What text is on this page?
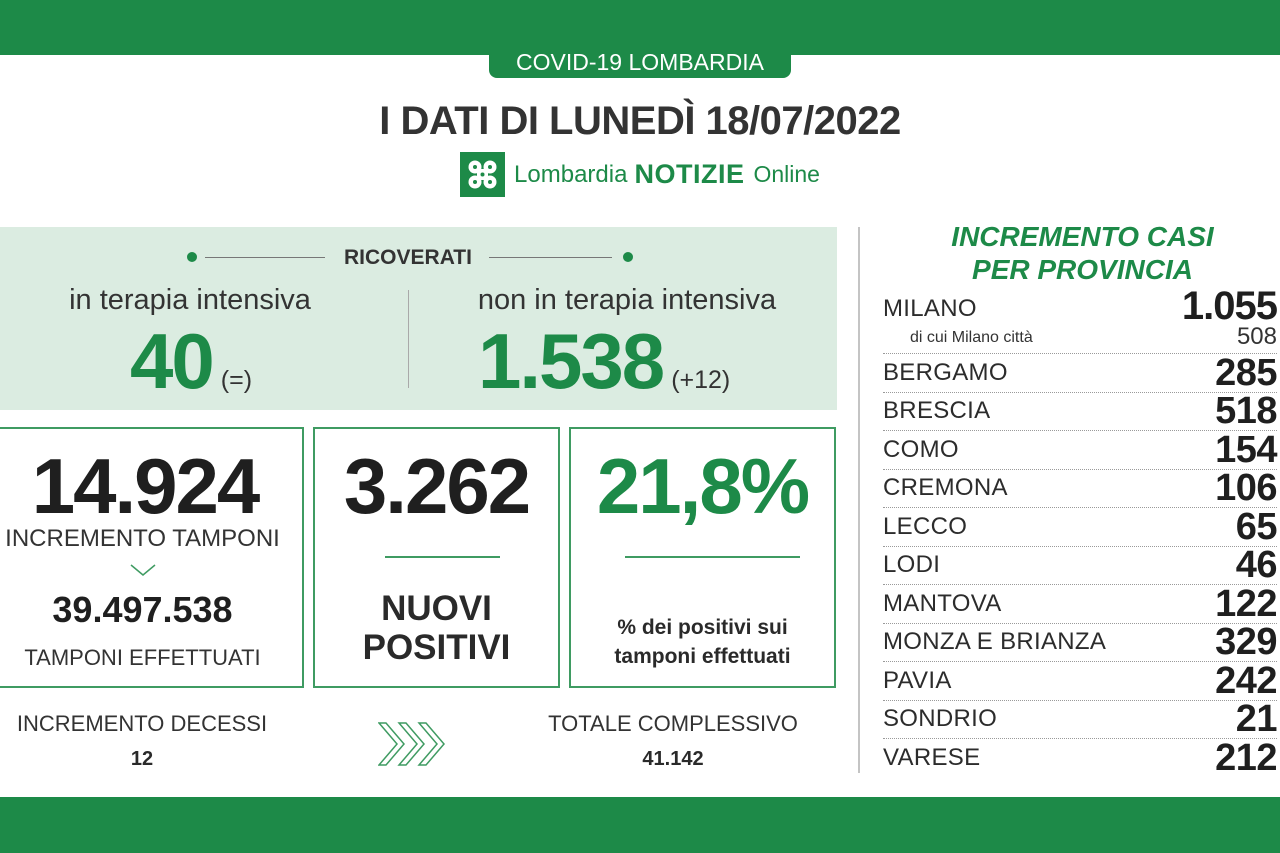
COVID-19 LOMBARDIA
I DATI DI LUNEDÌ 18/07/2022
Lombardia NOTIZIE Online
RICOVERATI
in terapia intensiva
40 (=)
non in terapia intensiva
1.538 (+12)
14.924
INCREMENTO TAMPONI
39.497.538
TAMPONI EFFETTUATI
3.262
NUOVI
POSITIVI
21,8%
% dei positivi sui
tamponi effettuati
INCREMENTO DECESSI
12
TOTALE COMPLESSIVO
41.142
INCREMENTO CASI
PER PROVINCIA
MILANO	1.055
di cui Milano città	508
BERGAMO	285
BRESCIA	518
COMO	154
CREMONA	106
LECCO	65
LODI	46
MANTOVA	122
MONZA E BRIANZA	329
PAVIA	242
SONDRIO	21
VARESE	212
